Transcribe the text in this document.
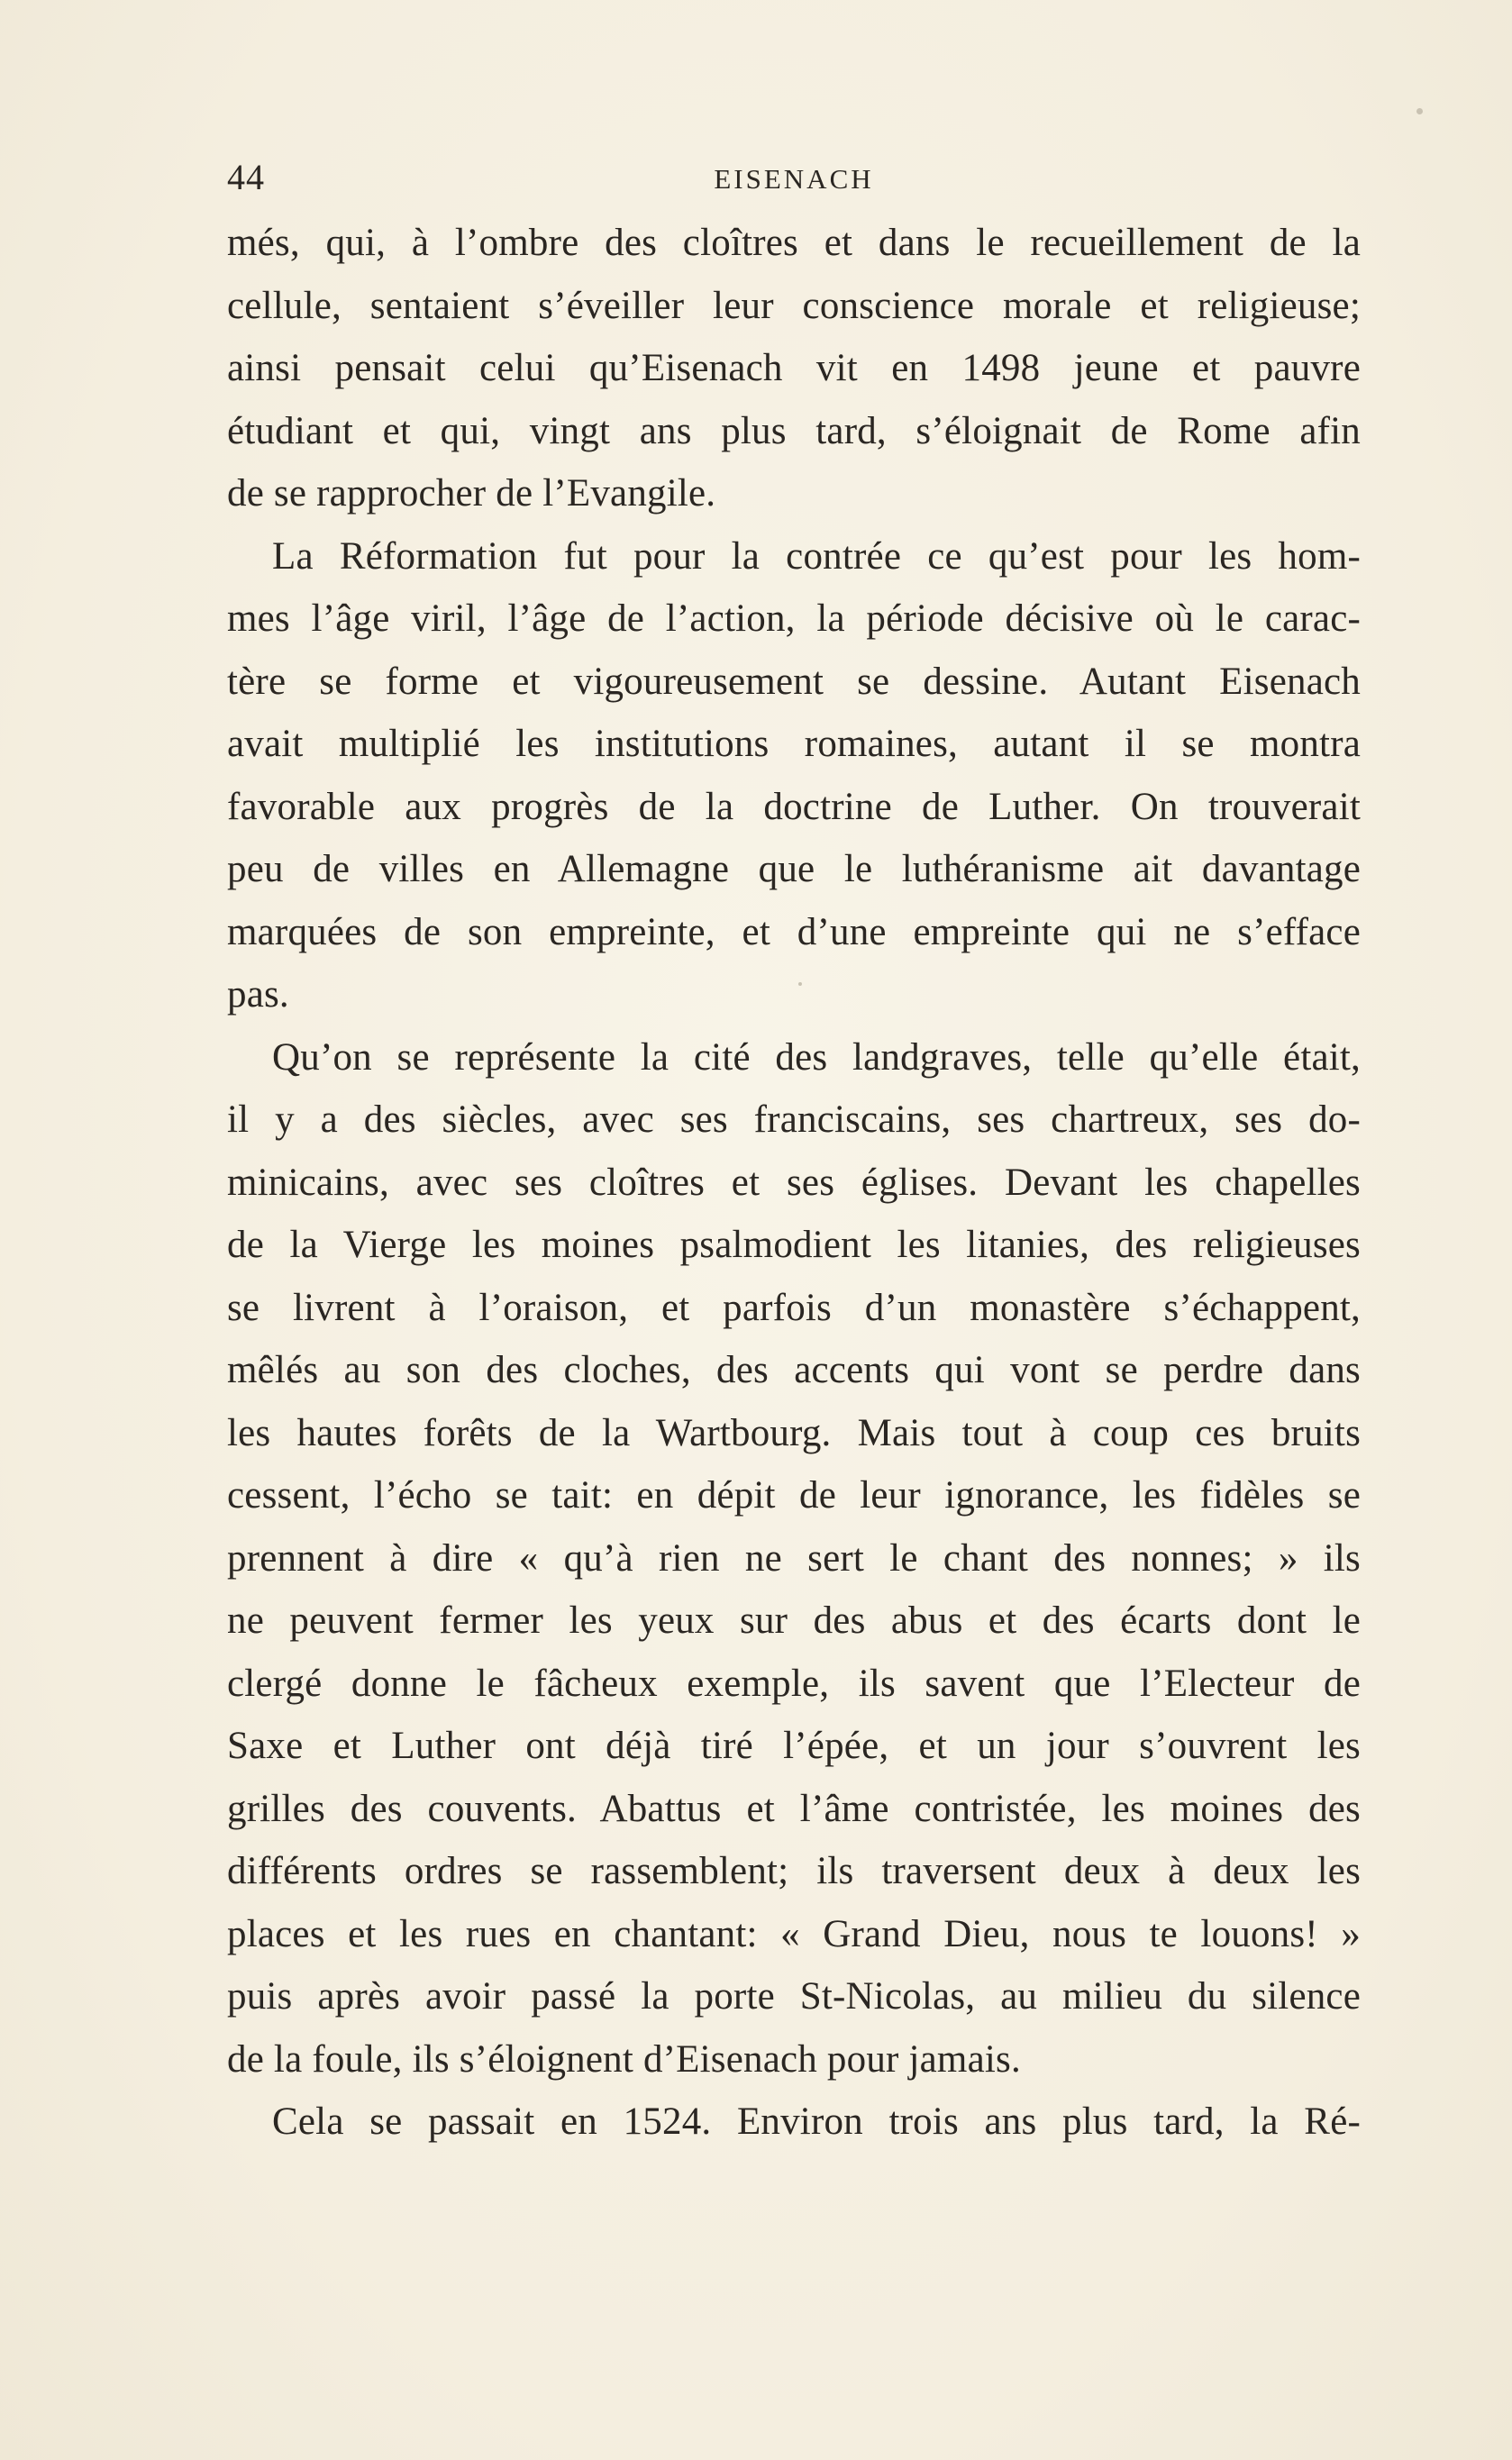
44	EISENACH
més, qui, à l’ombre des cloîtres et dans le recueillement de la
cellule, sentaient s’éveiller leur conscience morale et religieuse;
ainsi pensait celui qu’Eisenach vit en 1498 jeune et pauvre
étudiant et qui, vingt ans plus tard, s’éloignait de Rome afin
de se rapprocher de l’Evangile.
La Réformation fut pour la contrée ce qu’est pour les hom-
mes l’âge viril, l’âge de l’action, la période décisive où le carac-
tère se forme et vigoureusement se dessine. Autant Eisenach
avait multiplié les institutions romaines, autant il se montra
favorable aux progrès de la doctrine de Luther. On trouverait
peu de villes en Allemagne que le luthéranisme ait davantage
marquées de son empreinte, et d’une empreinte qui ne s’efface
pas.
Qu’on se représente la cité des landgraves, telle qu’elle était,
il y a des siècles, avec ses franciscains, ses chartreux, ses do-
minicains, avec ses cloîtres et ses églises. Devant les chapelles
de la Vierge les moines psalmodient les litanies, des religieuses
se livrent à l’oraison, et parfois d’un monastère s’échappent,
mêlés au son des cloches, des accents qui vont se perdre dans
les hautes forêts de la Wartbourg. Mais tout à coup ces bruits
cessent, l’écho se tait: en dépit de leur ignorance, les fidèles se
prennent à dire « qu’à rien ne sert le chant des nonnes; » ils
ne peuvent fermer les yeux sur des abus et des écarts dont le
clergé donne le fâcheux exemple, ils savent que l’Electeur de
Saxe et Luther ont déjà tiré l’épée, et un jour s’ouvrent les
grilles des couvents. Abattus et l’âme contristée, les moines des
différents ordres se rassemblent; ils traversent deux à deux les
places et les rues en chantant: « Grand Dieu, nous te louons! »
puis après avoir passé la porte St-Nicolas, au milieu du silence
de la foule, ils s’éloignent d’Eisenach pour jamais.
Cela se passait en 1524. Environ trois ans plus tard, la Ré-
